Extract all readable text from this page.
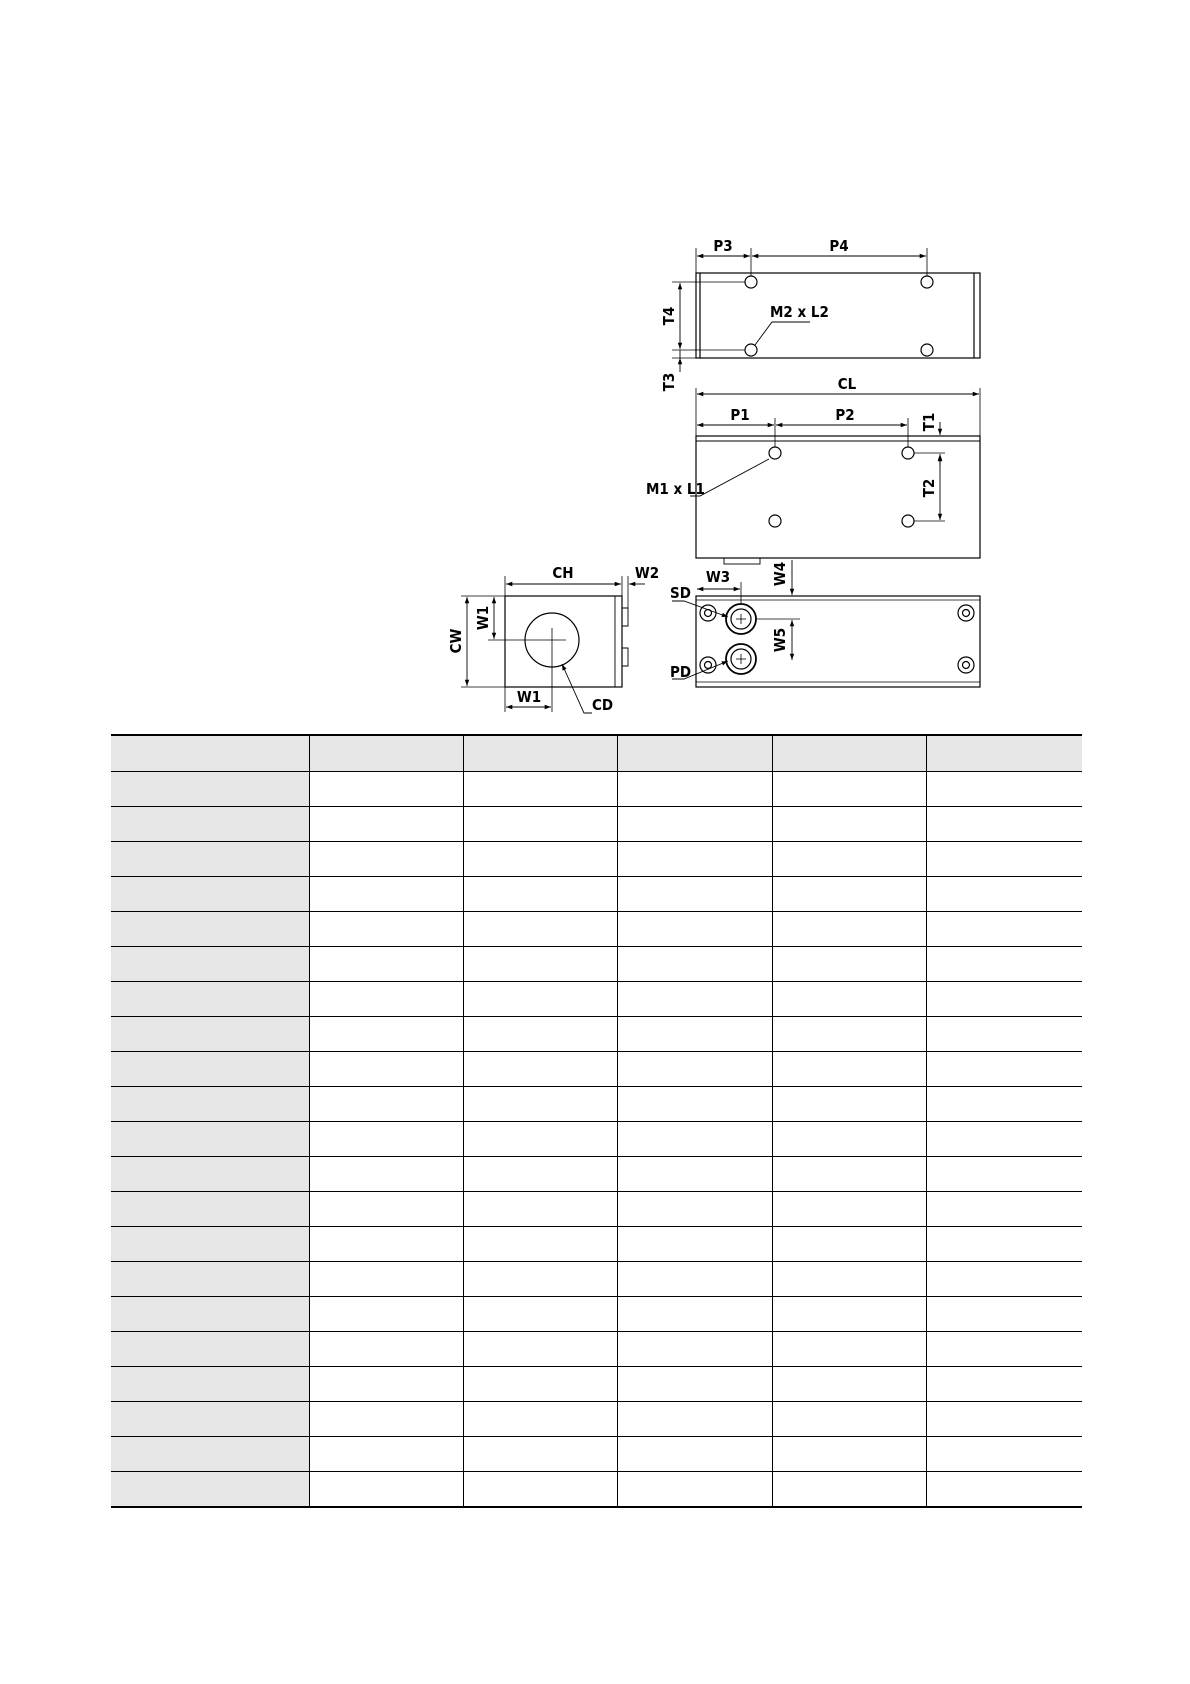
P3	P4
T4
T3
M2 x L2
CL
P1	P2	T1
T2
M1 x L1
CH	W2
CW
W1
W1	CD
W3	W4
W5
SD
PD
